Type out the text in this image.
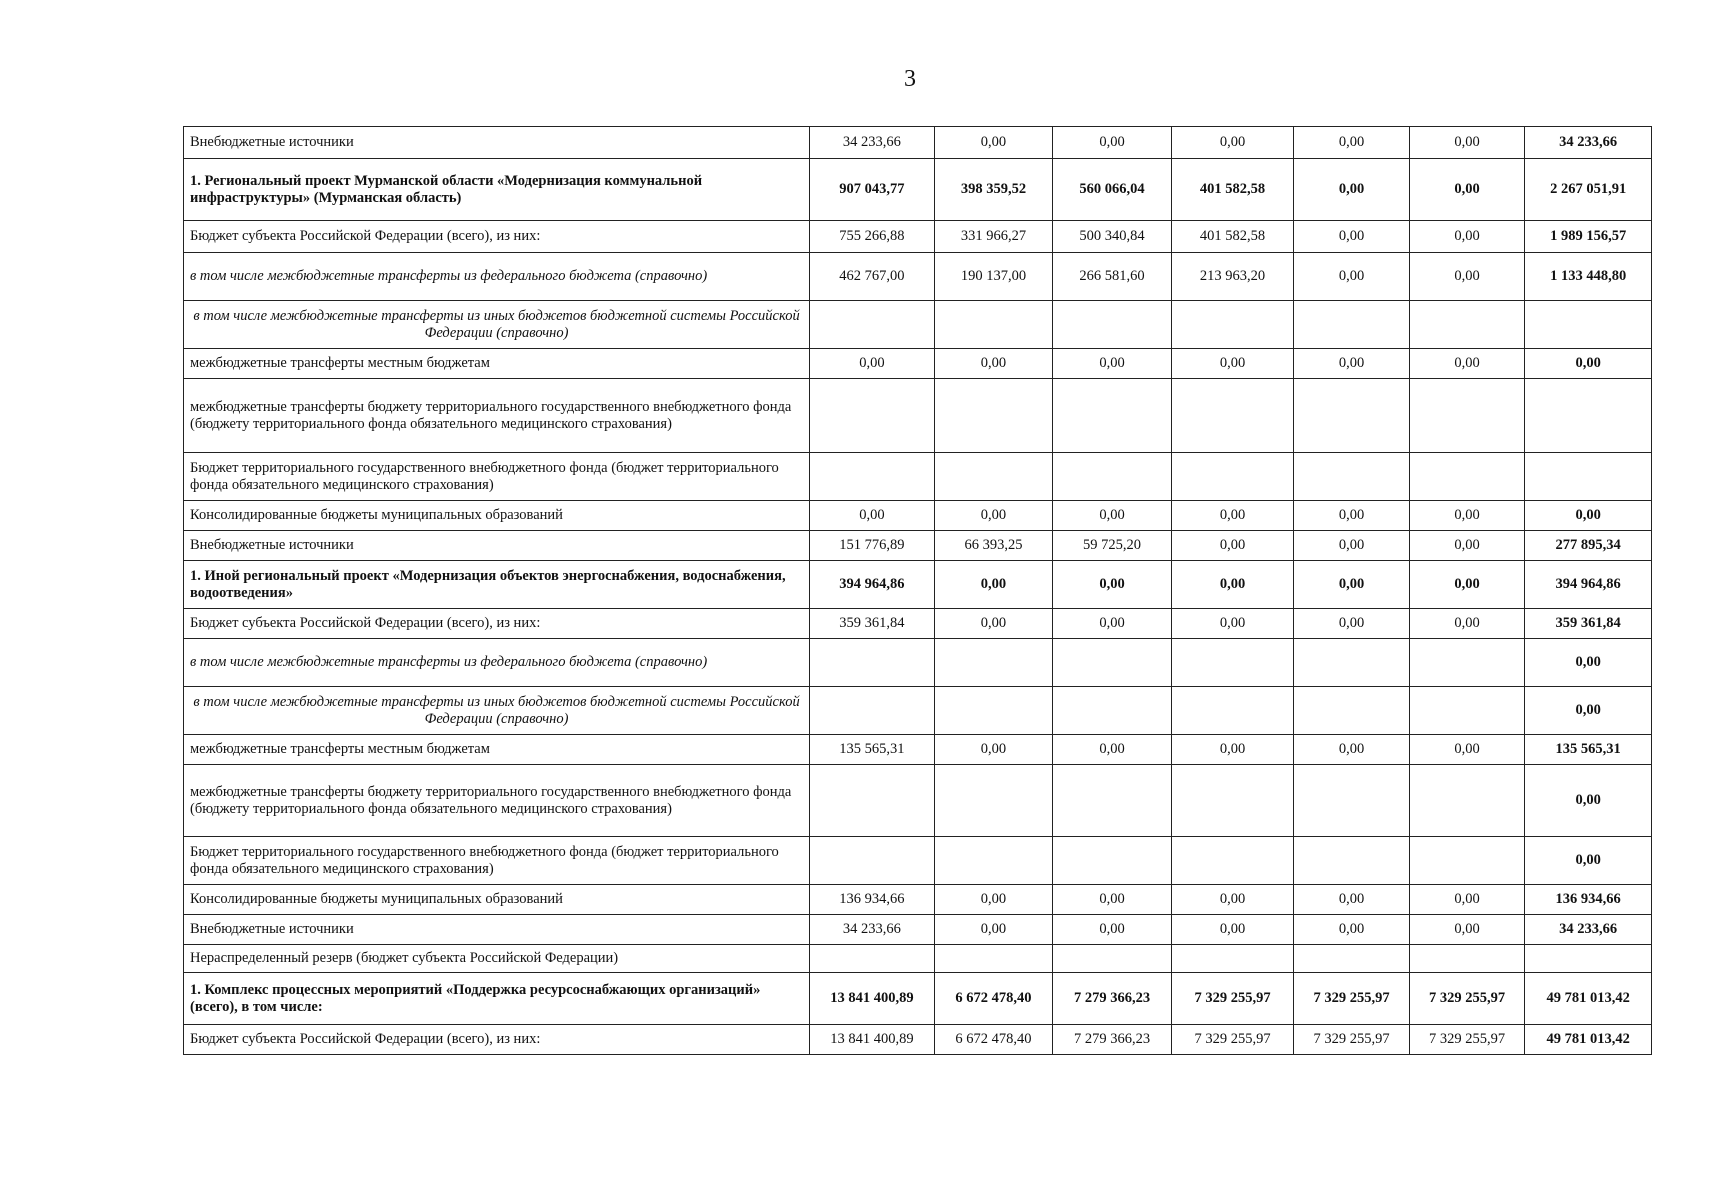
3
Внебюджетные источники	34 233,66	0,00	0,00	0,00	0,00	0,00	34 233,66
1. Региональный проект Мурманской области «Модернизация коммунальной инфраструктуры» (Мурманская область)	907 043,77	398 359,52	560 066,04	401 582,58	0,00	0,00	2 267 051,91
Бюджет субъекта Российской Федерации (всего), из них:	755 266,88	331 966,27	500 340,84	401 582,58	0,00	0,00	1 989 156,57
в том числе межбюджетные трансферты из федерального бюджета (справочно)	462 767,00	190 137,00	266 581,60	213 963,20	0,00	0,00	1 133 448,80
в том числе межбюджетные трансферты из иных бюджетов бюджетной системы Российской Федерации (справочно)							
межбюджетные трансферты местным бюджетам	0,00	0,00	0,00	0,00	0,00	0,00	0,00
межбюджетные трансферты бюджету территориального государственного внебюджетного фонда (бюджету территориального фонда обязательного медицинского страхования)							
Бюджет территориального государственного внебюджетного фонда (бюджет территориального фонда обязательного медицинского страхования)							
Консолидированные бюджеты муниципальных образований	0,00	0,00	0,00	0,00	0,00	0,00	0,00
Внебюджетные источники	151 776,89	66 393,25	59 725,20	0,00	0,00	0,00	277 895,34
1. Иной региональный проект «Модернизация объектов энергоснабжения, водоснабжения, водоотведения»	394 964,86	0,00	0,00	0,00	0,00	0,00	394 964,86
Бюджет субъекта Российской Федерации (всего), из них:	359 361,84	0,00	0,00	0,00	0,00	0,00	359 361,84
в том числе межбюджетные трансферты из федерального бюджета (справочно)							0,00
в том числе межбюджетные трансферты из иных бюджетов бюджетной системы Российской Федерации (справочно)							0,00
межбюджетные трансферты местным бюджетам	135 565,31	0,00	0,00	0,00	0,00	0,00	135 565,31
межбюджетные трансферты бюджету территориального государственного внебюджетного фонда (бюджету территориального фонда обязательного медицинского страхования)							0,00
Бюджет территориального государственного внебюджетного фонда (бюджет территориального фонда обязательного медицинского страхования)							0,00
Консолидированные бюджеты муниципальных образований	136 934,66	0,00	0,00	0,00	0,00	0,00	136 934,66
Внебюджетные источники	34 233,66	0,00	0,00	0,00	0,00	0,00	34 233,66
Нераспределенный резерв (бюджет субъекта Российской Федерации)							
1. Комплекс процессных мероприятий «Поддержка ресурсоснабжающих организаций» (всего), в том числе:	13 841 400,89	6 672 478,40	7 279 366,23	7 329 255,97	7 329 255,97	7 329 255,97	49 781 013,42
Бюджет субъекта Российской Федерации (всего), из них:	13 841 400,89	6 672 478,40	7 279 366,23	7 329 255,97	7 329 255,97	7 329 255,97	49 781 013,42
